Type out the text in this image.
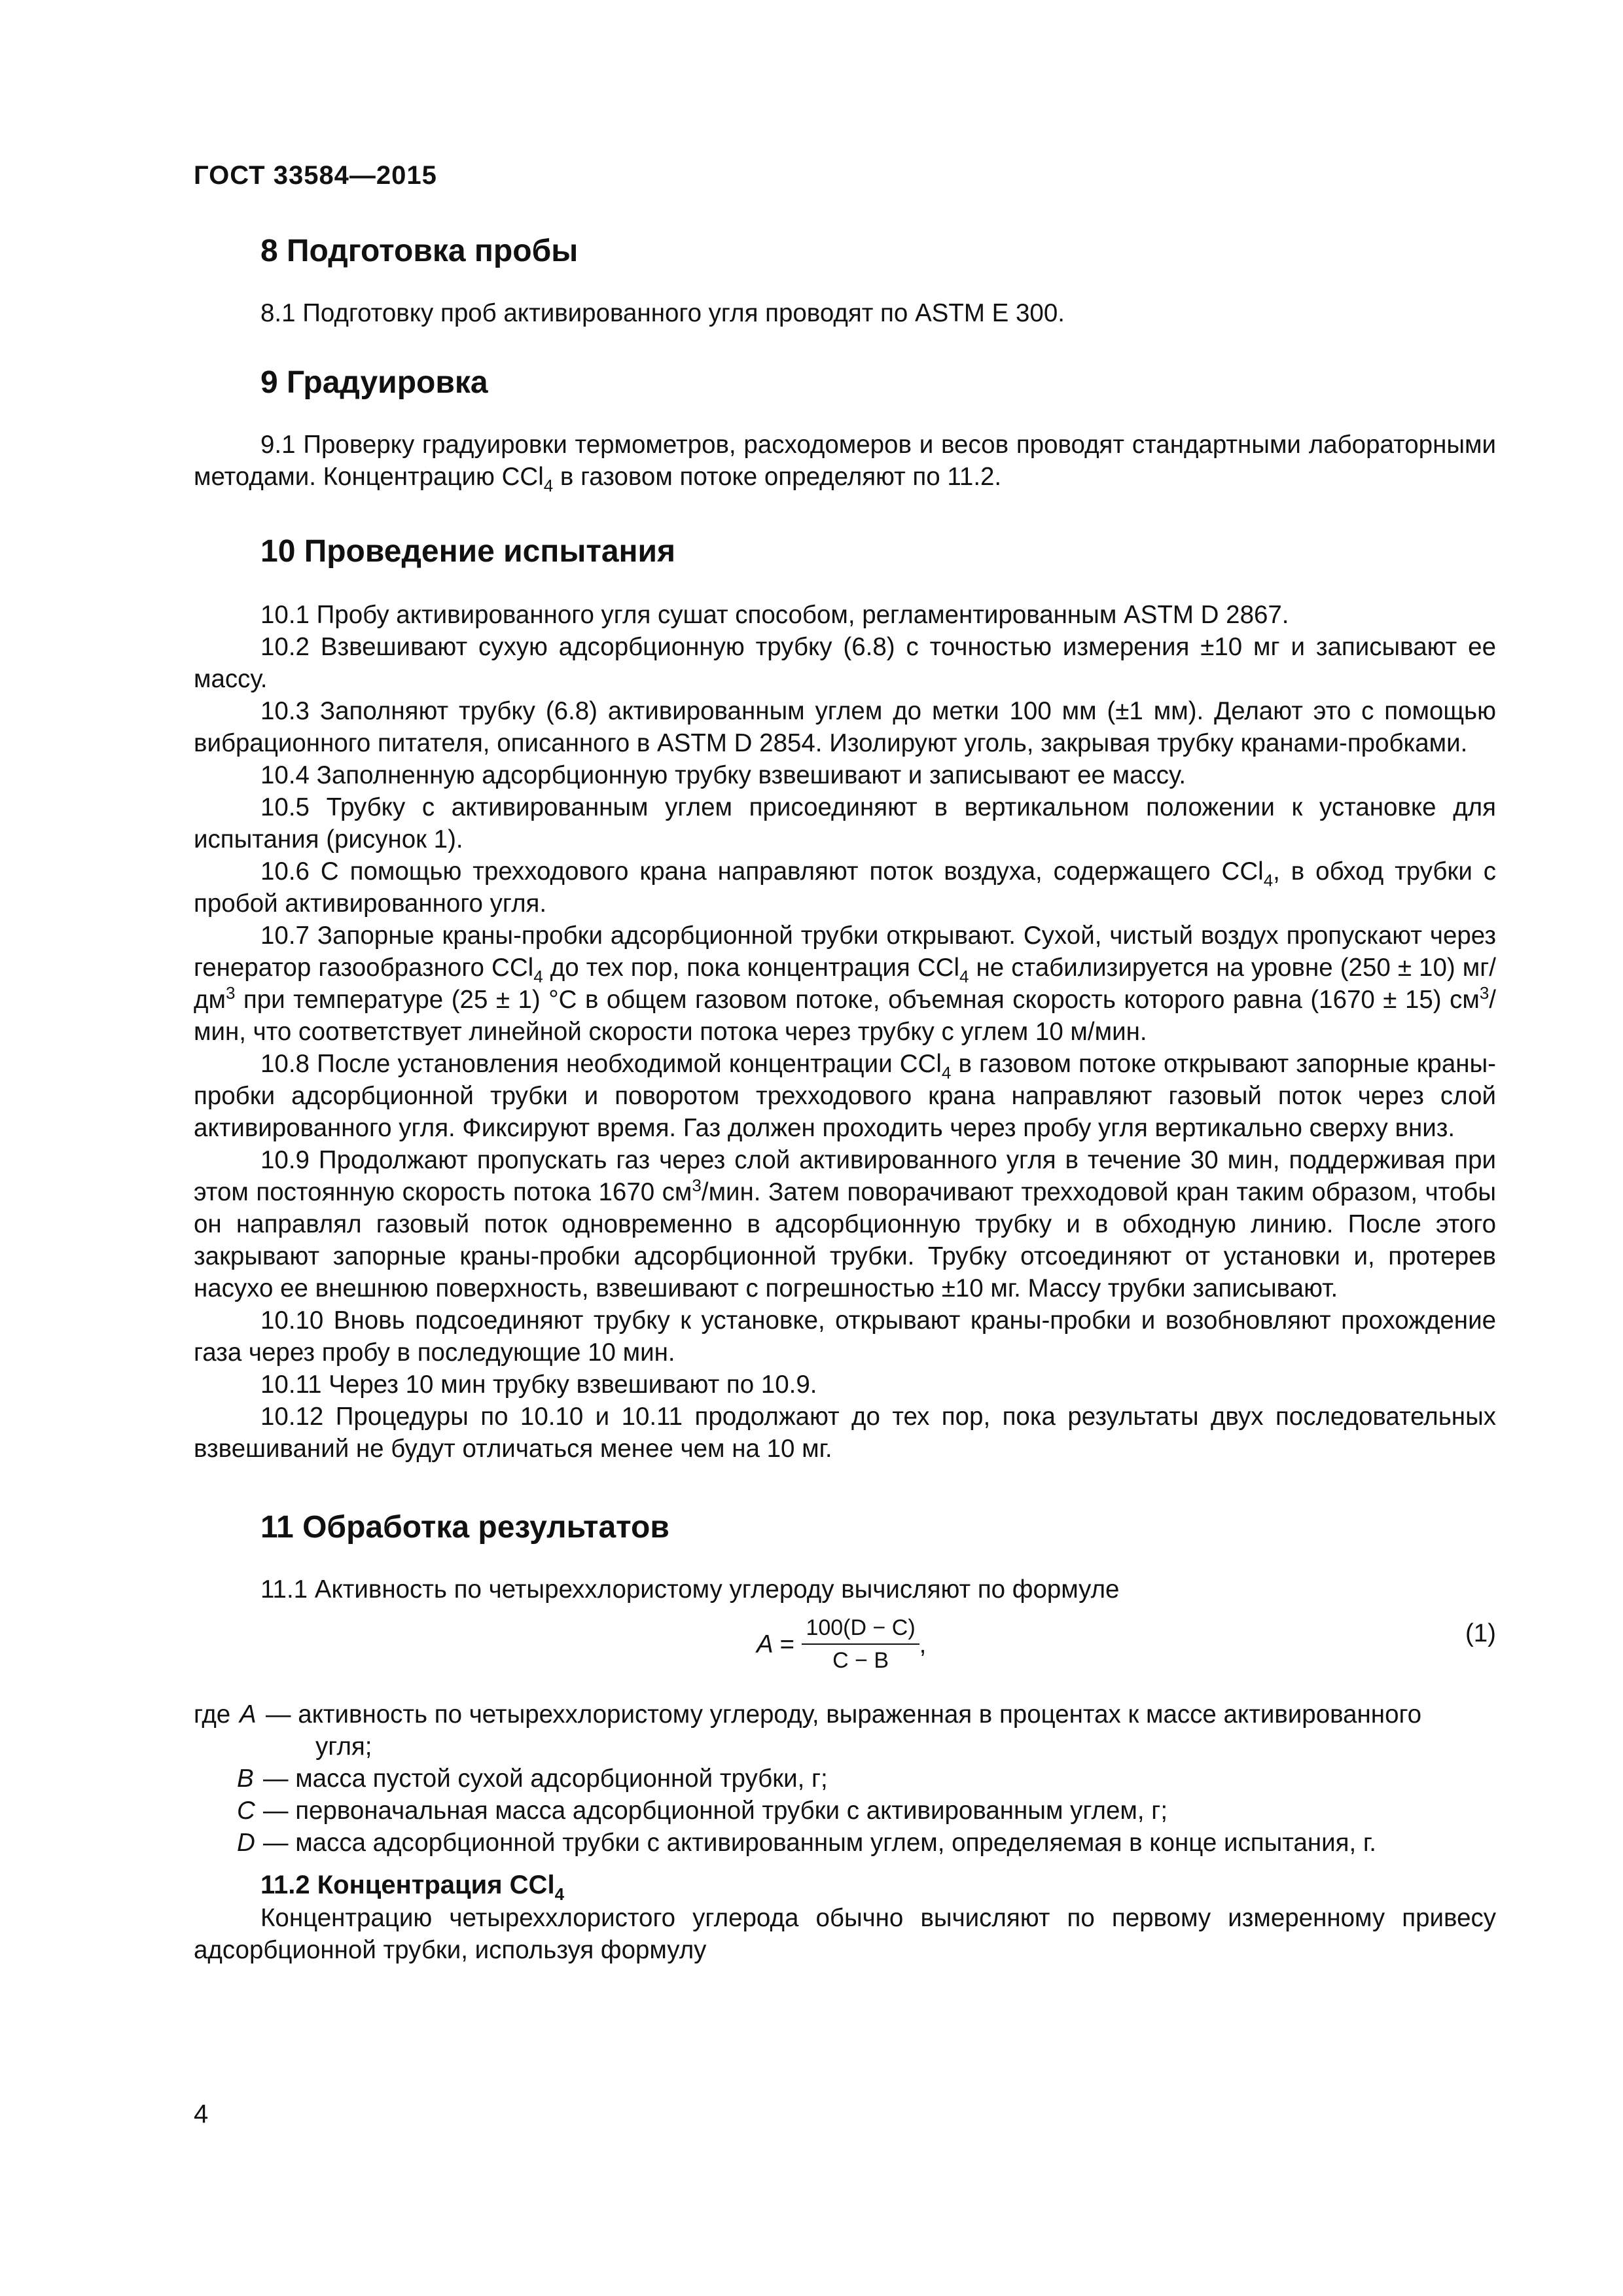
ГОСТ 33584—2015
8 Подготовка пробы

8.1 Подготовку проб активированного угля проводят по ASTM E 300.

9 Градуировка

9.1 Проверку градуировки термометров, расходомеров и весов проводят стандартными лабораторными методами. Концентрацию CCl$_4$ в газовом потоке определяют по 11.2.

10 Проведение испытания

10.1 Пробу активированного угля сушат способом, регламентированным ASTM D 2867.

10.2 Взвешивают сухую адсорбционную трубку (6.8) с точностью измерения ±10 мг и записывают ее массу.

10.3 Заполняют трубку (6.8) активированным углем до метки 100 мм (±1 мм). Делают это с помощью вибрационного питателя, описанного в ASTM D 2854. Изолируют уголь, закрывая трубку кранами-пробками.

10.4 Заполненную адсорбционную трубку взвешивают и записывают ее массу.

10.5 Трубку с активированным углем присоединяют в вертикальном положении к установке для испытания (рисунок 1).

10.6 С помощью трехходового крана направляют поток воздуха, содержащего CCl$_4$, в обход трубки с пробой активированного угля.

10.7 Запорные краны-пробки адсорбционной трубки открывают. Сухой, чистый воздух пропускают через генератор газообразного CCl$_4$ до тех пор, пока концентрация CCl$_4$ не стабилизируется на уровне (250 ± 10) $мг/дм^3$ при температуре (25 ± 1) °С в общем газовом потоке, объемная скорость которого равна (1670 ± 15) $см^3$/мин, что соответствует линейной скорости потока через трубку с углем 10 м/мин.

10.8 После установления необходимой концентрации CCl$_4$ в газовом потоке открывают запорные краны-пробки адсорбционной трубки и поворотом трехходового крана направляют газовый поток через слой активированного угля. Фиксируют время. Газ должен проходить через пробу угля вертикально сверху вниз.

10.9 Продолжают пропускать газ через слой активированного угля в течение 30 мин, поддерживая при этом постоянную скорость потока 1670 $см^3$/мин. Затем поворачивают трехходовой кран таким образом, чтобы он направлял газовый поток одновременно в адсорбционную трубку и в обходную линию. После этого закрывают запорные краны-пробки адсорбционной трубки. Трубку отсоединяют от установки и, протерев насухо ее внешнюю поверхность, взвешивают с погрешностью ±10 мг. Массу трубки записывают.

10.10 Вновь подсоединяют трубку к установке, открывают краны-пробки и возобновляют прохождение газа через пробу в последующие 10 мин.

10.11 Через 10 мин трубку взвешивают по 10.9.

10.12 Процедуры по 10.10 и 10.11 продолжают до тех пор, пока результаты двух последовательных взвешиваний не будут отличаться менее чем на 10 мг.

11 Обработка результатов

11.1 Активность по четыреххлористому углероду вычисляют по формуле

$A = \frac{100(D - C)}{C - B}$ ,	(1)
где A — активность по четыреххлористому углероду, выраженная в процентах к массе активированного
угля;
B — масса пустой сухой адсорбционной трубки, г;
C — первоначальная масса адсорбционной трубки с активированным углем, г;
D — масса адсорбционной трубки с активированным углем, определяемая в конце испытания, г.
11.2 Концентрация CCl$_4$

Концентрацию четыреххлористого углерода обычно вычисляют по первому измеренному привесу адсорбционной трубки, используя формулу

4
